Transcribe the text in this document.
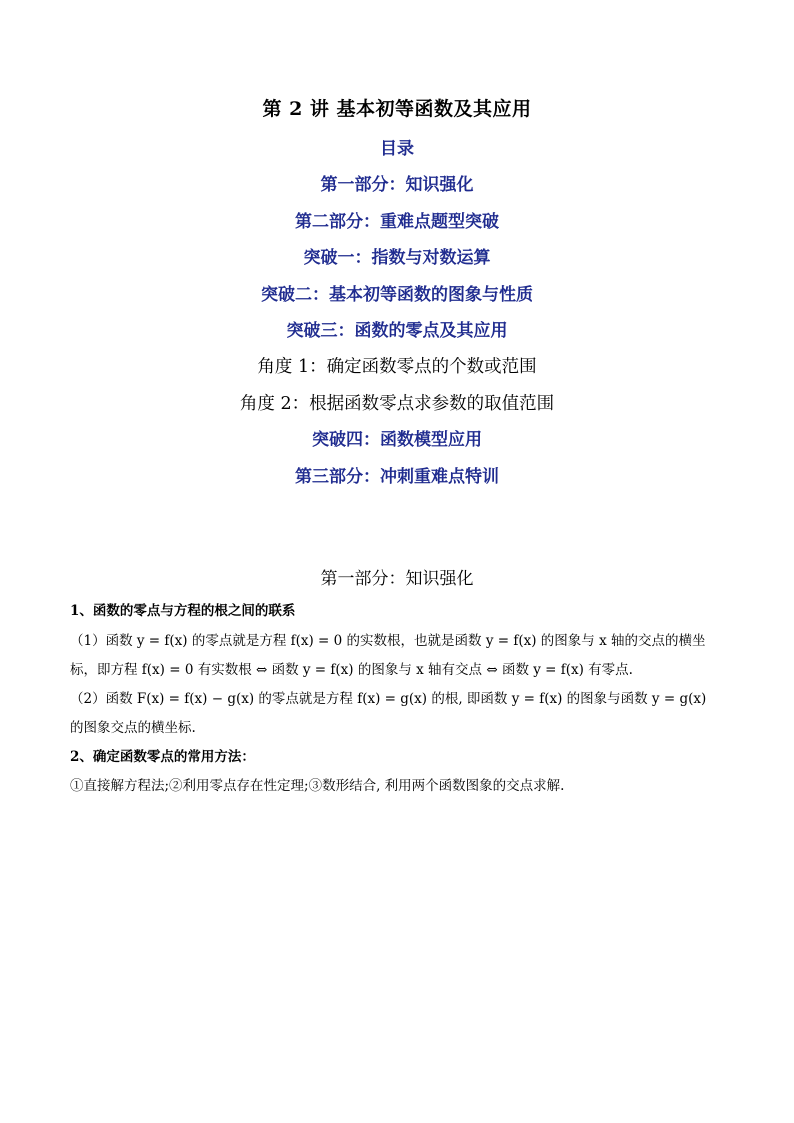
第 2 讲 基本初等函数及其应用
目录
第一部分：知识强化
第二部分：重难点题型突破
突破一：指数与对数运算
突破二：基本初等函数的图象与性质
突破三：函数的零点及其应用
角度 1：确定函数零点的个数或范围
角度 2：根据函数零点求参数的取值范围
突破四：函数模型应用
第三部分：冲刺重难点特训
第一部分：知识强化
1、函数的零点与方程的根之间的联系
（1）函数 y = f(x) 的零点就是方程 f(x) = 0 的实数根，也就是函数 y = f(x) 的图象与 x 轴的交点的横坐
标，即方程 f(x) = 0 有实数根 ⇔ 函数 y = f(x) 的图象与 x 轴有交点 ⇔ 函数 y = f(x) 有零点.
（2）函数 F(x) = f(x) − g(x) 的零点就是方程 f(x) = g(x) 的根, 即函数 y = f(x) 的图象与函数 y = g(x)
的图象交点的横坐标.
2、确定函数零点的常用方法：
①直接解方程法;②利用零点存在性定理;③数形结合, 利用两个函数图象的交点求解.
